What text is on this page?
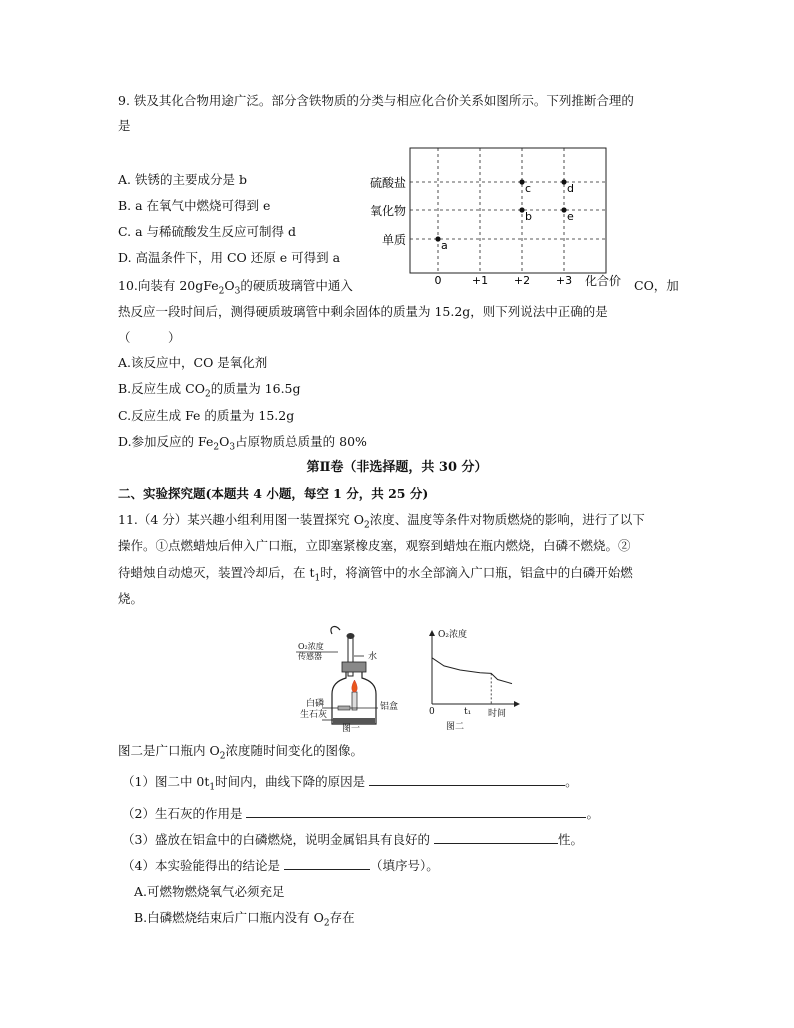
9. 铁及其化合物用途广泛。部分含铁物质的分类与相应化合价关系如图所示。下列推断合理的
是
A. 铁锈的主要成分是 b
B. a 在氧气中燃烧可得到 e
C. a 与稀硫酸发生反应可制得 d
D. 高温条件下，用 CO 还原 e 可得到 a
硫酸盐
氧化物
单质
0	+1 +2 +3 化合价
a
b
c	d
e
10.向装有 $20gFe_2O_3$的硬质玻璃管中通入	CO，加
热反应一段时间后，测得硬质玻璃管中剩余固体的质量为 15.2g，则下列说法中正确的是
（　　　）
A.该反应中，CO 是氧化剂
B.反应生成 $CO_2$的质量为 16.5g
C.反应生成 Fe 的质量为 15.2g
D.参加反应的 $Fe_2O_3$占原物质总质量的 80%
第Ⅱ卷（非选择题，共 30 分）
二、实验探究题(本题共 4 小题，每空 1 分，共 25 分)
11.（4 分）某兴趣小组利用图一装置探究 $O_2$浓度、温度等条件对物质燃烧的影响，进行了以下
操作。①点燃蜡烛后伸入广口瓶，立即塞紧橡皮塞，观察到蜡烛在瓶内燃烧，白磷不燃烧。②
待蜡烛自动熄灭，装置冷却后，在 $t_1$时，将滴管中的水全部滴入广口瓶，铝盒中的白磷开始燃
烧。
O₂浓度
传感器	水
白磷
生石灰
铝盒
图一
O₂浓度
0	t₁ 时间
图二
图二是广口瓶内 $O_2$浓度随时间变化的图像。
（1）图二中 $0t_1$时间内，曲线下降的原因是	。
（2）生石灰的作用是	。
（3）盛放在铝盒中的白磷燃烧，说明金属铝具有良好的	性。
（4）本实验能得出的结论是	（填序号）。
A.可燃物燃烧氧气必须充足
B.白磷燃烧结束后广口瓶内没有 $O_2$存在
